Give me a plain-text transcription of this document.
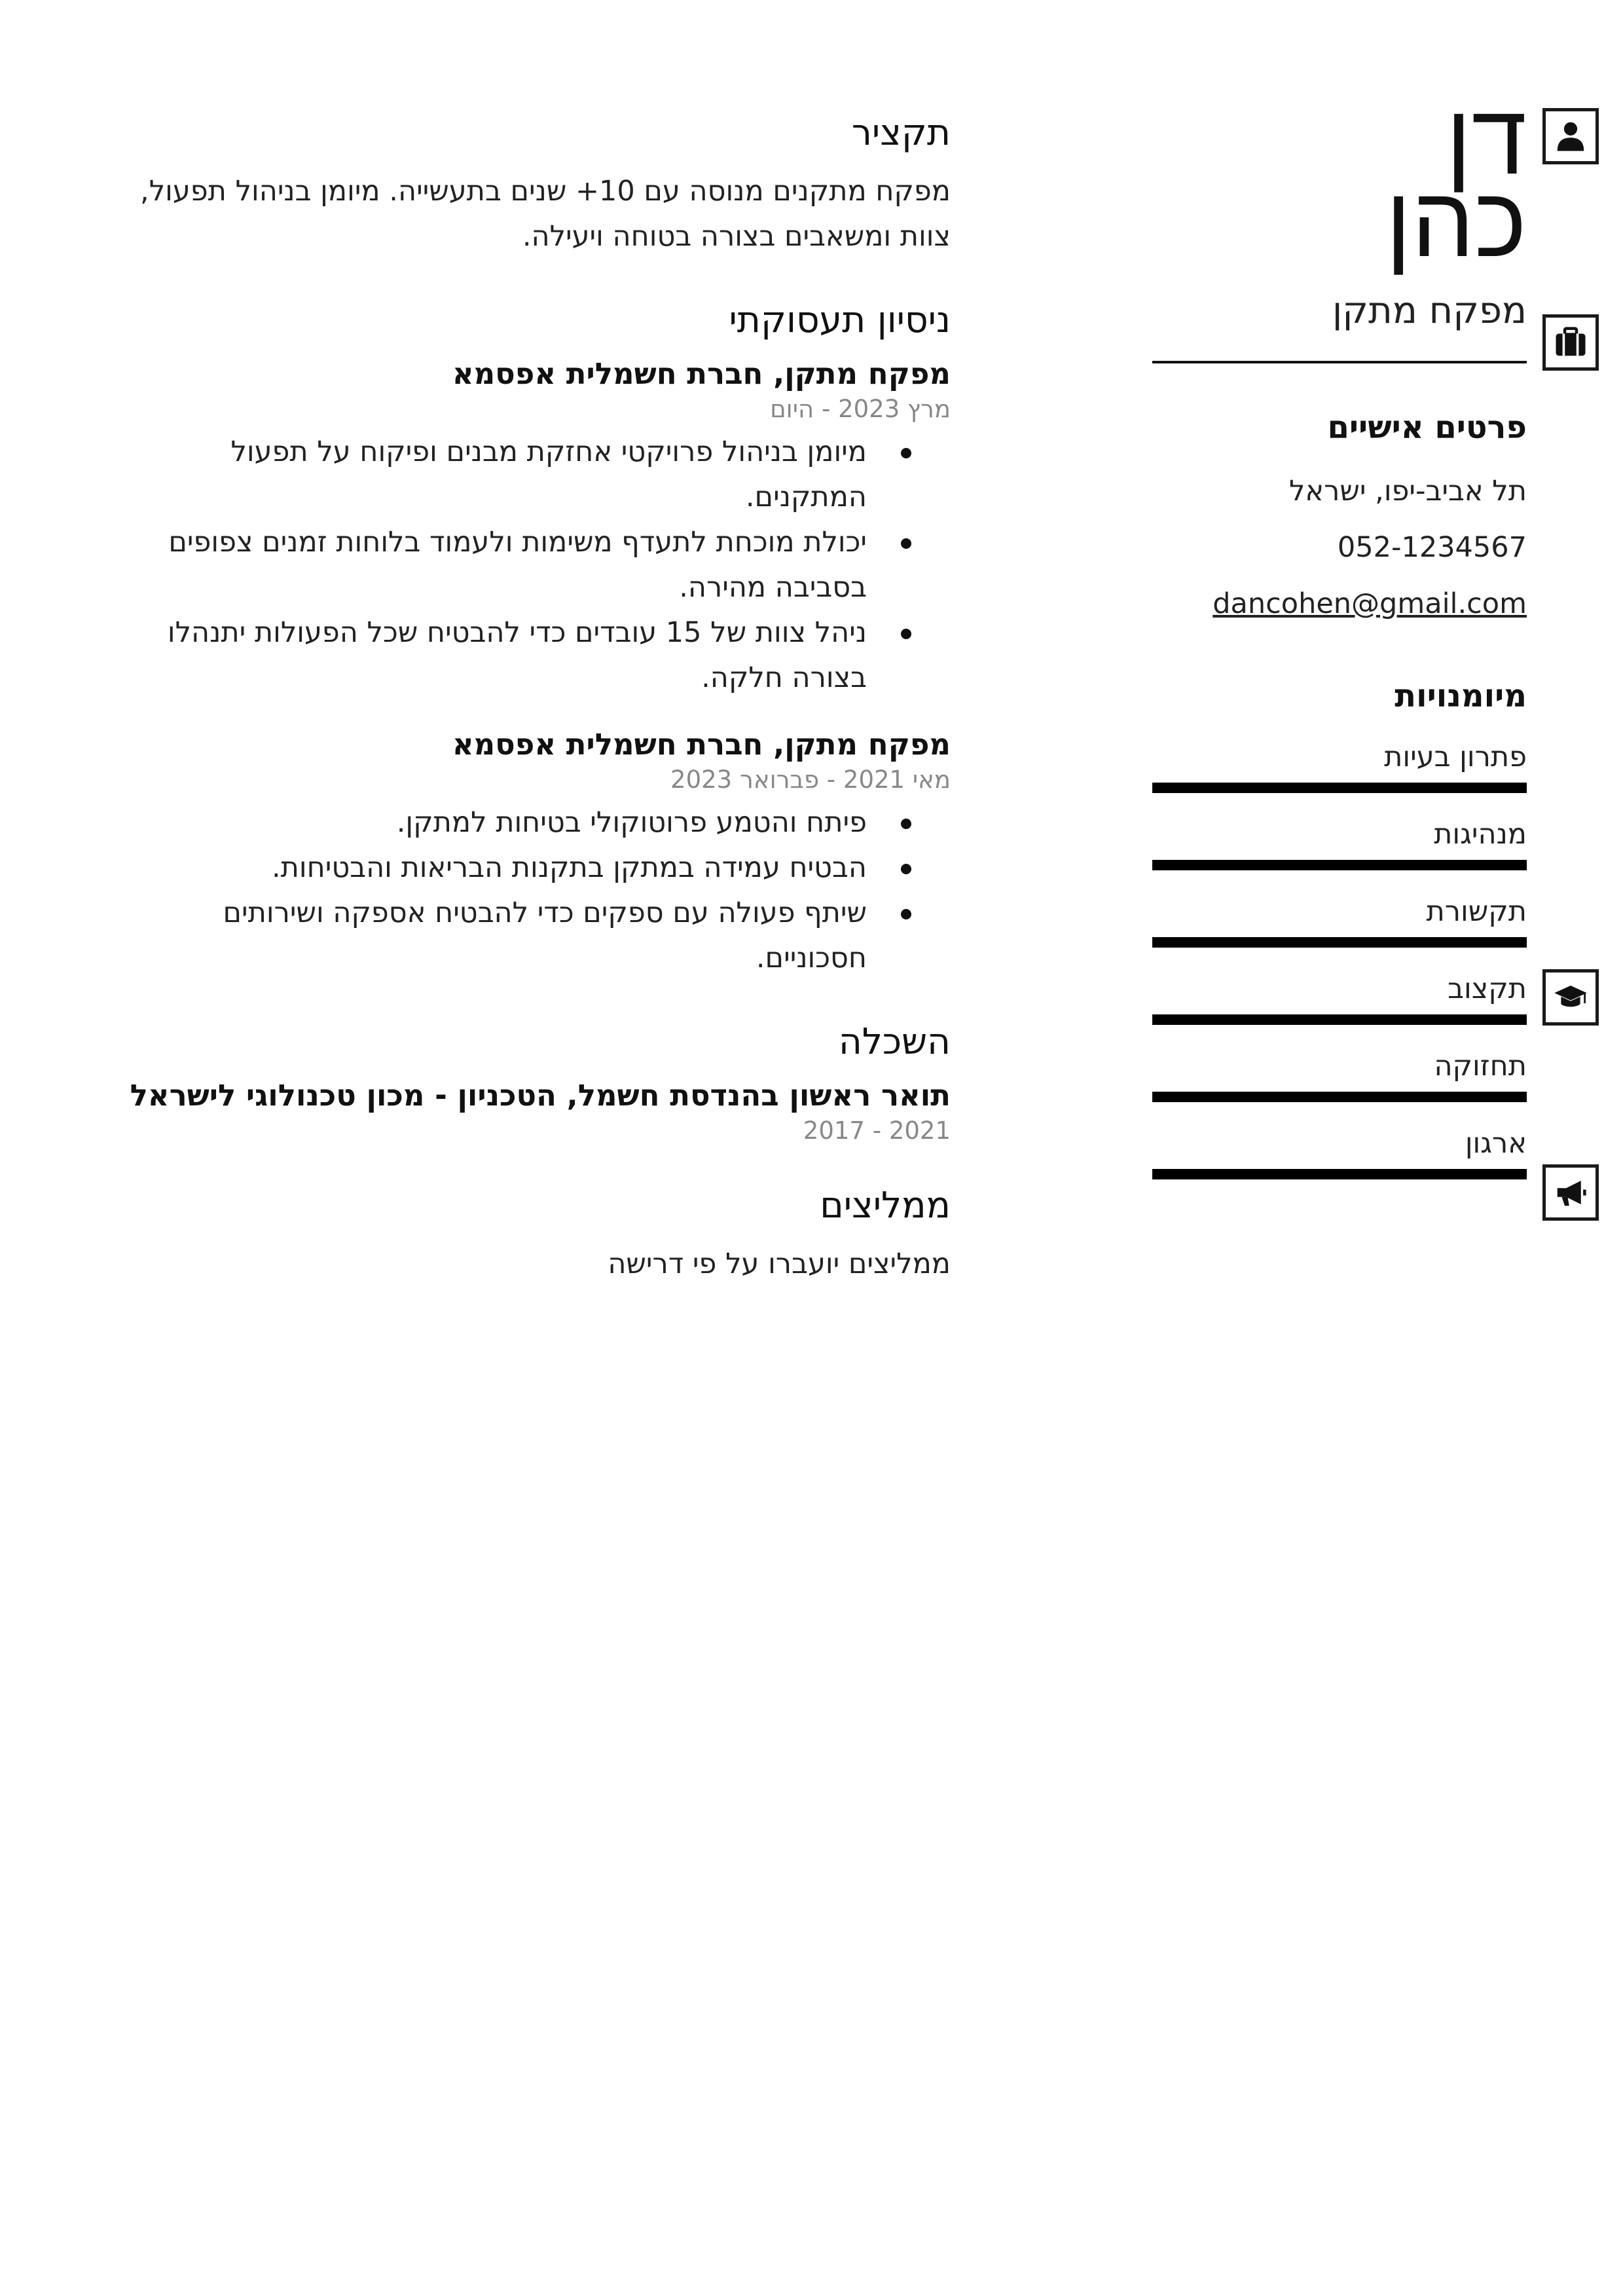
דן
כהן
מפקח מתקן
פרטים אישיים
תל אביב-יפו, ישראל
052-1234567
dancohen@gmail.com
מיומנויות
פתרון בעיות
מנהיגות
תקשורת
תקצוב
תחזוקה
ארגון
תקציר
מפקח מתקנים מנוסה עם 10+ שנים בתעשייה. מיומן בניהול תפעול, צוות ומשאבים בצורה בטוחה ויעילה.
ניסיון תעסוקתי
מפקח מתקן, חברת חשמלית אפסמא
מרץ 2023 - היום
מיומן בניהול פרויקטי אחזקת מבנים ופיקוח על תפעול המתקנים.
יכולת מוכחת לתעדף משימות ולעמוד בלוחות זמנים צפופים בסביבה מהירה.
ניהל צוות של 15 עובדים כדי להבטיח שכל הפעולות יתנהלו בצורה חלקה.
מפקח מתקן, חברת חשמלית אפסמא
מאי 2021 - פברואר 2023
פיתח והטמע פרוטוקולי בטיחות למתקן.
הבטיח עמידה במתקן בתקנות הבריאות והבטיחות.
שיתף פעולה עם ספקים כדי להבטיח אספקה ושירותים חסכוניים.
השכלה
תואר ראשון בהנדסת חשמל, הטכניון - מכון טכנולוגי לישראל
2021 - 2017
ממליצים
ממליצים יועברו על פי דרישה
